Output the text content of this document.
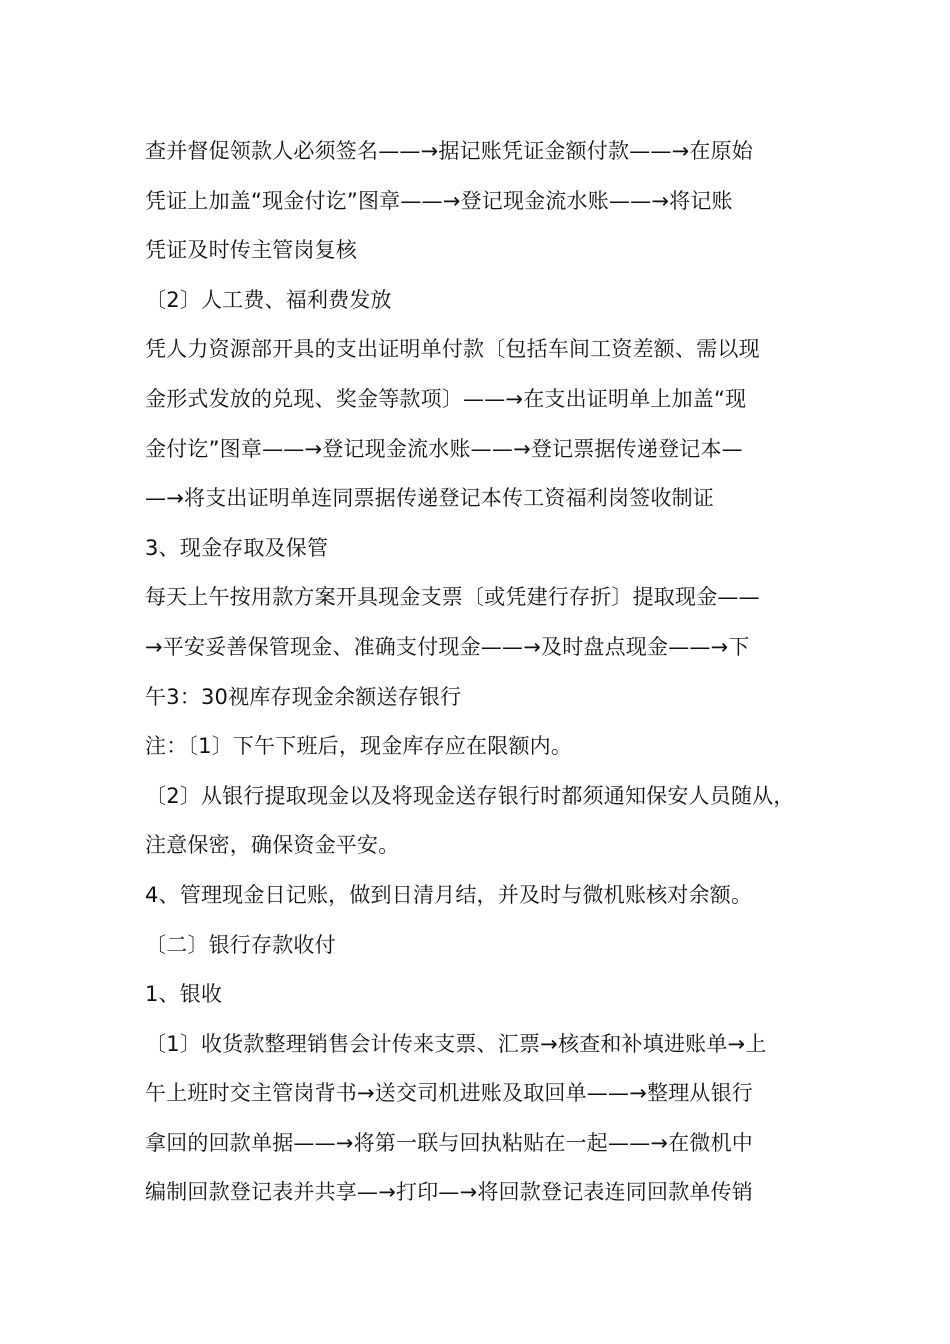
查并督促领款人必须签名——→据记账凭证金额付款——→在原始
凭证上加盖“现金付讫”图章——→登记现金流水账——→将记账
凭证及时传主管岗复核
〔2〕人工费、福利费发放
凭人力资源部开具的支出证明单付款〔包括车间工资差额、需以现
金形式发放的兑现、奖金等款项〕——→在支出证明单上加盖“现
金付讫”图章——→登记现金流水账——→登记票据传递登记本—
—→将支出证明单连同票据传递登记本传工资福利岗签收制证
3、现金存取及保管
每天上午按用款方案开具现金支票〔或凭建行存折〕提取现金——
→平安妥善保管现金、准确支付现金——→及时盘点现金——→下
午3：30视库存现金余额送存银行
注：〔1〕下午下班后，现金库存应在限额内。
〔2〕从银行提取现金以及将现金送存银行时都须通知保安人员随从，
注意保密，确保资金平安。
4、管理现金日记账，做到日清月结，并及时与微机账核对余额。
〔二〕银行存款收付
1、银收
〔1〕收货款整理销售会计传来支票、汇票→核查和补填进账单→上
午上班时交主管岗背书→送交司机进账及取回单——→整理从银行
拿回的回款单据——→将第一联与回执粘贴在一起——→在微机中
编制回款登记表并共享—→打印—→将回款登记表连同回款单传销
